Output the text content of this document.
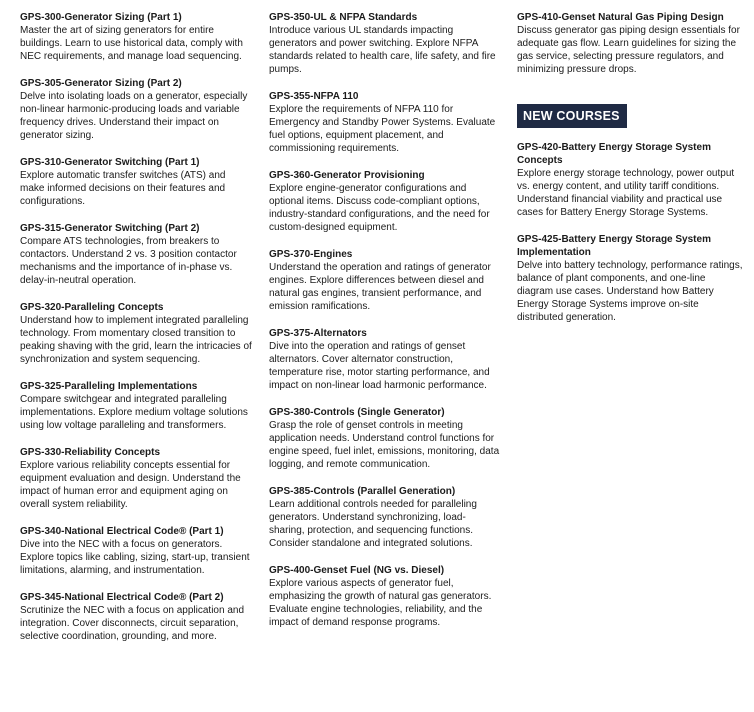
GPS-300-Generator Sizing (Part 1)
Master the art of sizing generators for entire buildings. Learn to use historical data, comply with NEC requirements, and manage load sequencing.
GPS-305-Generator Sizing (Part 2)
Delve into isolating loads on a generator, especially non-linear harmonic-producing loads and variable frequency drives. Understand their impact on generator sizing.
GPS-310-Generator Switching (Part 1)
Explore automatic transfer switches (ATS) and make informed decisions on their features and configurations.
GPS-315-Generator Switching (Part 2)
Compare ATS technologies, from breakers to contactors. Understand 2 vs. 3 position contactor mechanisms and the importance of in-phase vs. delay-in-neutral operation.
GPS-320-Paralleling Concepts
Understand how to implement integrated paralleling technology. From momentary closed transition to peaking shaving with the grid, learn the intricacies of synchronization and system sequencing.
GPS-325-Paralleling Implementations
Compare switchgear and integrated paralleling implementations. Explore medium voltage solutions using low voltage paralleling and transformers.
GPS-330-Reliability Concepts
Explore various reliability concepts essential for equipment evaluation and design. Understand the impact of human error and equipment aging on overall system reliability.
GPS-340-National Electrical Code® (Part 1)
Dive into the NEC with a focus on generators. Explore topics like cabling, sizing, start-up, transient limitations, alarming, and instrumentation.
GPS-345-National Electrical Code® (Part 2)
Scrutinize the NEC with a focus on application and integration. Cover disconnects, circuit separation, selective coordination, grounding, and more.
GPS-350-UL & NFPA Standards
Introduce various UL standards impacting generators and power switching. Explore NFPA standards related to health care, life safety, and fire pumps.
GPS-355-NFPA 110
Explore the requirements of NFPA 110 for Emergency and Standby Power Systems. Evaluate fuel options, equipment placement, and commissioning requirements.
GPS-360-Generator Provisioning
Explore engine-generator configurations and optional items. Discuss code-compliant options, industry-standard configurations, and the need for custom-designed equipment.
GPS-370-Engines
Understand the operation and ratings of generator engines. Explore differences between diesel and natural gas engines, transient performance, and emission ramifications.
GPS-375-Alternators
Dive into the operation and ratings of genset alternators. Cover alternator construction, temperature rise, motor starting performance, and impact on non-linear load harmonic performance.
GPS-380-Controls (Single Generator)
Grasp the role of genset controls in meeting application needs. Understand control functions for engine speed, fuel inlet, emissions, monitoring, data logging, and remote communication.
GPS-385-Controls (Parallel Generation)
Learn additional controls needed for paralleling generators. Understand synchronizing, load-sharing, protection, and sequencing functions. Consider standalone and integrated solutions.
GPS-400-Genset Fuel (NG vs. Diesel)
Explore various aspects of generator fuel, emphasizing the growth of natural gas generators. Evaluate engine technologies, reliability, and the impact of demand response programs.
GPS-410-Genset Natural Gas Piping Design
Discuss generator gas piping design essentials for adequate gas flow. Learn guidelines for sizing the gas service, selecting pressure regulators, and minimizing pressure drops.
NEW COURSES
GPS-420-Battery Energy Storage System Concepts
Explore energy storage technology, power output vs. energy content, and utility tariff conditions. Understand financial viability and practical use cases for Battery Energy Storage Systems.
GPS-425-Battery Energy Storage System Implementation
Delve into battery technology, performance ratings, balance of plant components, and one-line diagram use cases. Understand how Battery Energy Storage Systems improve on-site distributed generation.
